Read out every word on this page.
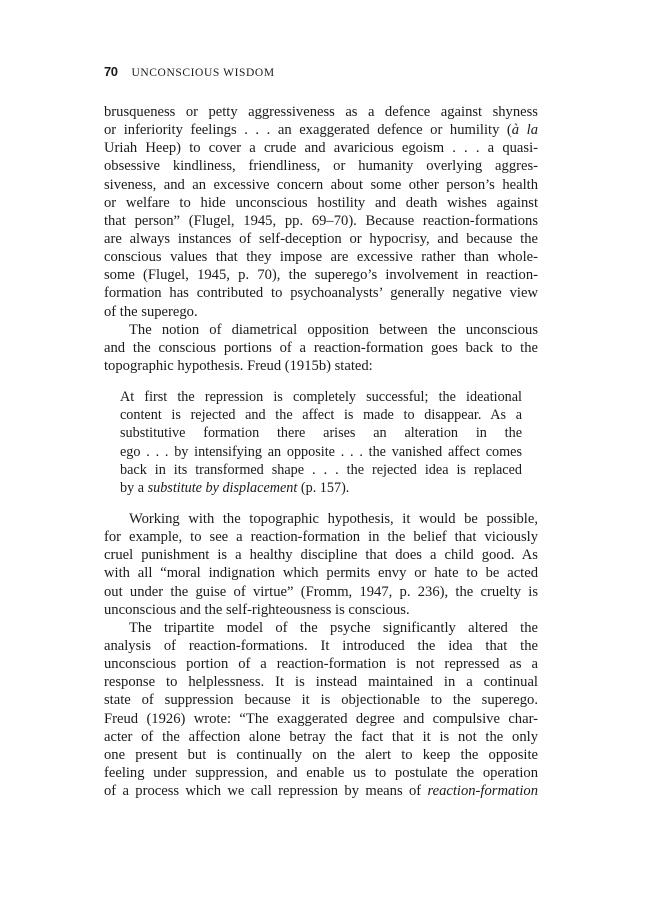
70 UNCONSCIOUS WISDOM
brusqueness or petty aggressiveness as a defence against shyness
or inferiority feelings . . . an exaggerated defence or humility (à la
Uriah Heep) to cover a crude and avaricious egoism . . . a quasi-
obsessive kindliness, friendliness, or humanity overlying aggres-
siveness, and an excessive concern about some other person’s health
or welfare to hide unconscious hostility and death wishes against
that person” (Flugel, 1945, pp. 69–70). Because reaction-formations
are always instances of self-deception or hypocrisy, and because the
conscious values that they impose are excessive rather than whole-
some (Flugel, 1945, p. 70), the superego’s involvement in reaction-
formation has contributed to psychoanalysts’ generally negative view
of the superego.
The notion of diametrical opposition between the unconscious
and the conscious portions of a reaction-formation goes back to the
topographic hypothesis. Freud (1915b) stated:
At first the repression is completely successful; the ideational
content is rejected and the affect is made to disappear. As a
substitutive formation there arises an alteration in the
ego . . . by intensifying an opposite . . . the vanished affect comes
back in its transformed shape . . . the rejected idea is replaced
by a substitute by displacement (p. 157).
Working with the topographic hypothesis, it would be possible,
for example, to see a reaction-formation in the belief that viciously
cruel punishment is a healthy discipline that does a child good. As
with all “moral indignation which permits envy or hate to be acted
out under the guise of virtue” (Fromm, 1947, p. 236), the cruelty is
unconscious and the self-righteousness is conscious.
The tripartite model of the psyche significantly altered the
analysis of reaction-formations. It introduced the idea that the
unconscious portion of a reaction-formation is not repressed as a
response to helplessness. It is instead maintained in a continual
state of suppression because it is objectionable to the superego.
Freud (1926) wrote: “The exaggerated degree and compulsive char-
acter of the affection alone betray the fact that it is not the only
one present but is continually on the alert to keep the opposite
feeling under suppression, and enable us to postulate the operation
of a process which we call repression by means of reaction-formation
